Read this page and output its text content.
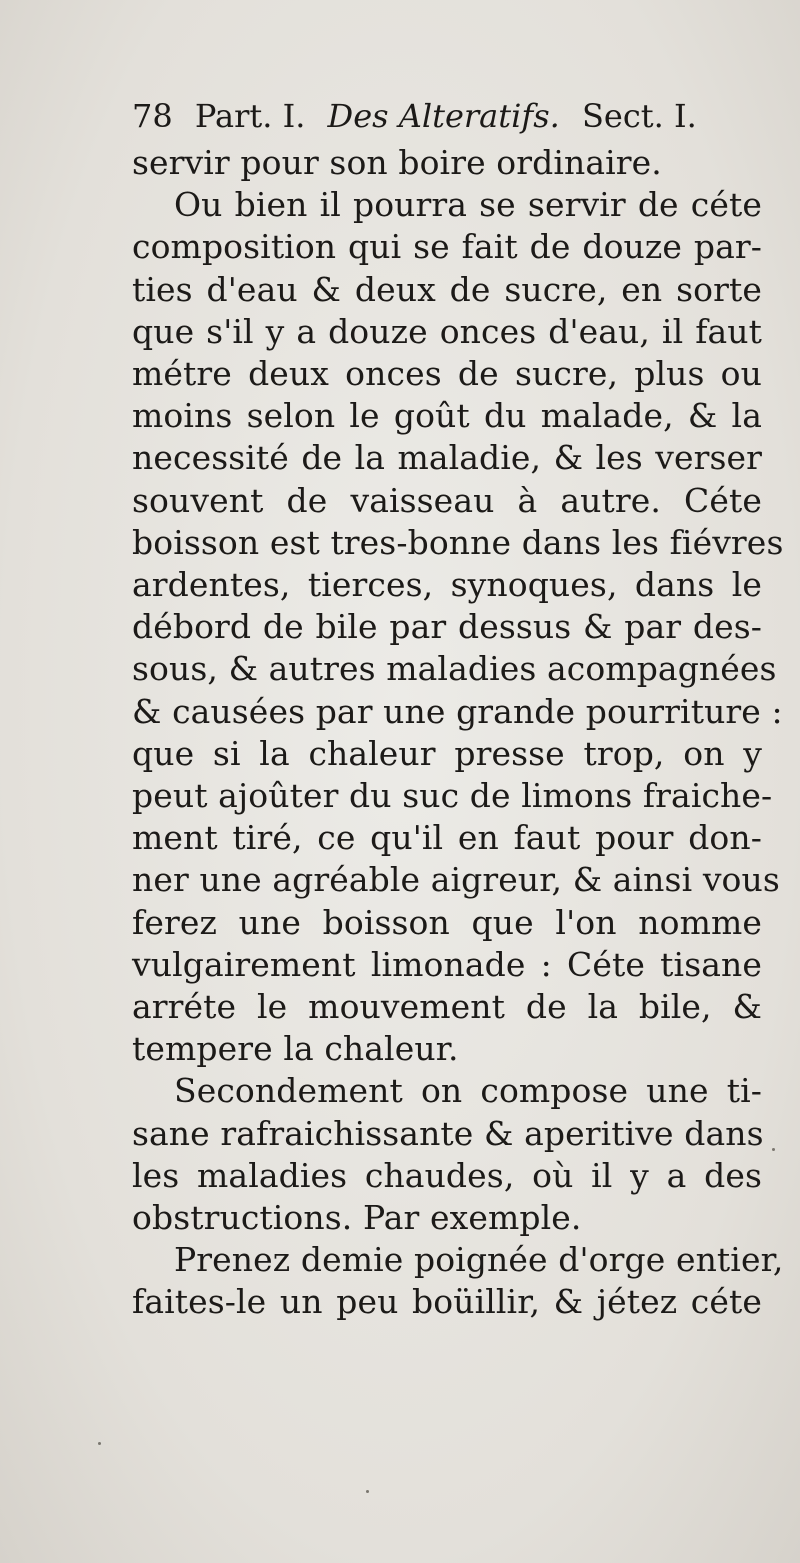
78 Part. I. Des Alteratifs. Sect. I.
servir pour son boire ordinaire.
Ou bien il pourra se servir de céte
composition qui se fait de douze par-
ties d'eau & deux de sucre, en sorte
que s'il y a douze onces d'eau, il faut
métre deux onces de sucre, plus ou
moins selon le goût du malade, & la
necessité de la maladie, & les verser
souvent de vaisseau à autre. Céte
boisson est tres-bonne dans les fiévres
ardentes, tierces, synoques, dans le
débord de bile par dessus & par des-
sous, & autres maladies acompagnées
& causées par une grande pourriture :
que si la chaleur presse trop, on y
peut ajoûter du suc de limons fraiche-
ment tiré, ce qu'il en faut pour don-
ner une agréable aigreur, & ainsi vous
ferez une boisson que l'on nomme
vulgairement limonade : Céte tisane
arréte le mouvement de la bile, &
tempere la chaleur.
Secondement on compose une ti-
sane rafraichissante & aperitive dans
les maladies chaudes, où il y a des
obstructions. Par exemple.
Prenez demie poignée d'orge entier,
faites-le un peu boüillir, & jétez céte
